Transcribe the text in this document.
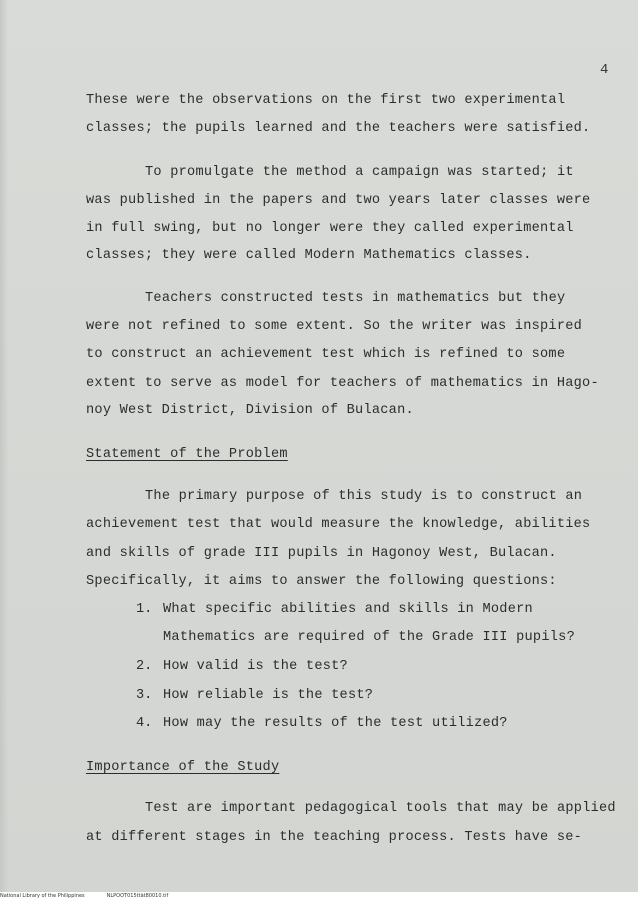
4
These were the observations on the first two experimental
classes; the pupils learned and the teachers were satisfied.
To promulgate the method a campaign was started; it
was published in the papers and two years later classes were
in full swing, but no longer were they called experimental
classes; they were called Modern Mathematics classes.
Teachers constructed tests in mathematics but they
were not refined to some extent. So the writer was inspired
to construct an achievement test which is refined to some
extent to serve as model for teachers of mathematics in Hago-
noy West District, Division of Bulacan.
Statement of the Problem
The primary purpose of this study is to construct an
achievement test that would measure the knowledge, abilities
and skills of grade III pupils in Hagonoy West, Bulacan.
Specifically, it aims to answer the following questions:
1. What specific abilities and skills in Modern
Mathematics are required of the Grade III pupils?
2. How valid is the test?
3. How reliable is the test?
4. How may the results of the test utilized?
Importance of the Study
Test are important pedagogical tools that may be applied
at different stages in the teaching process. Tests have se-
National Library of the Philippines	NLPOOT015ttät80010.tif
